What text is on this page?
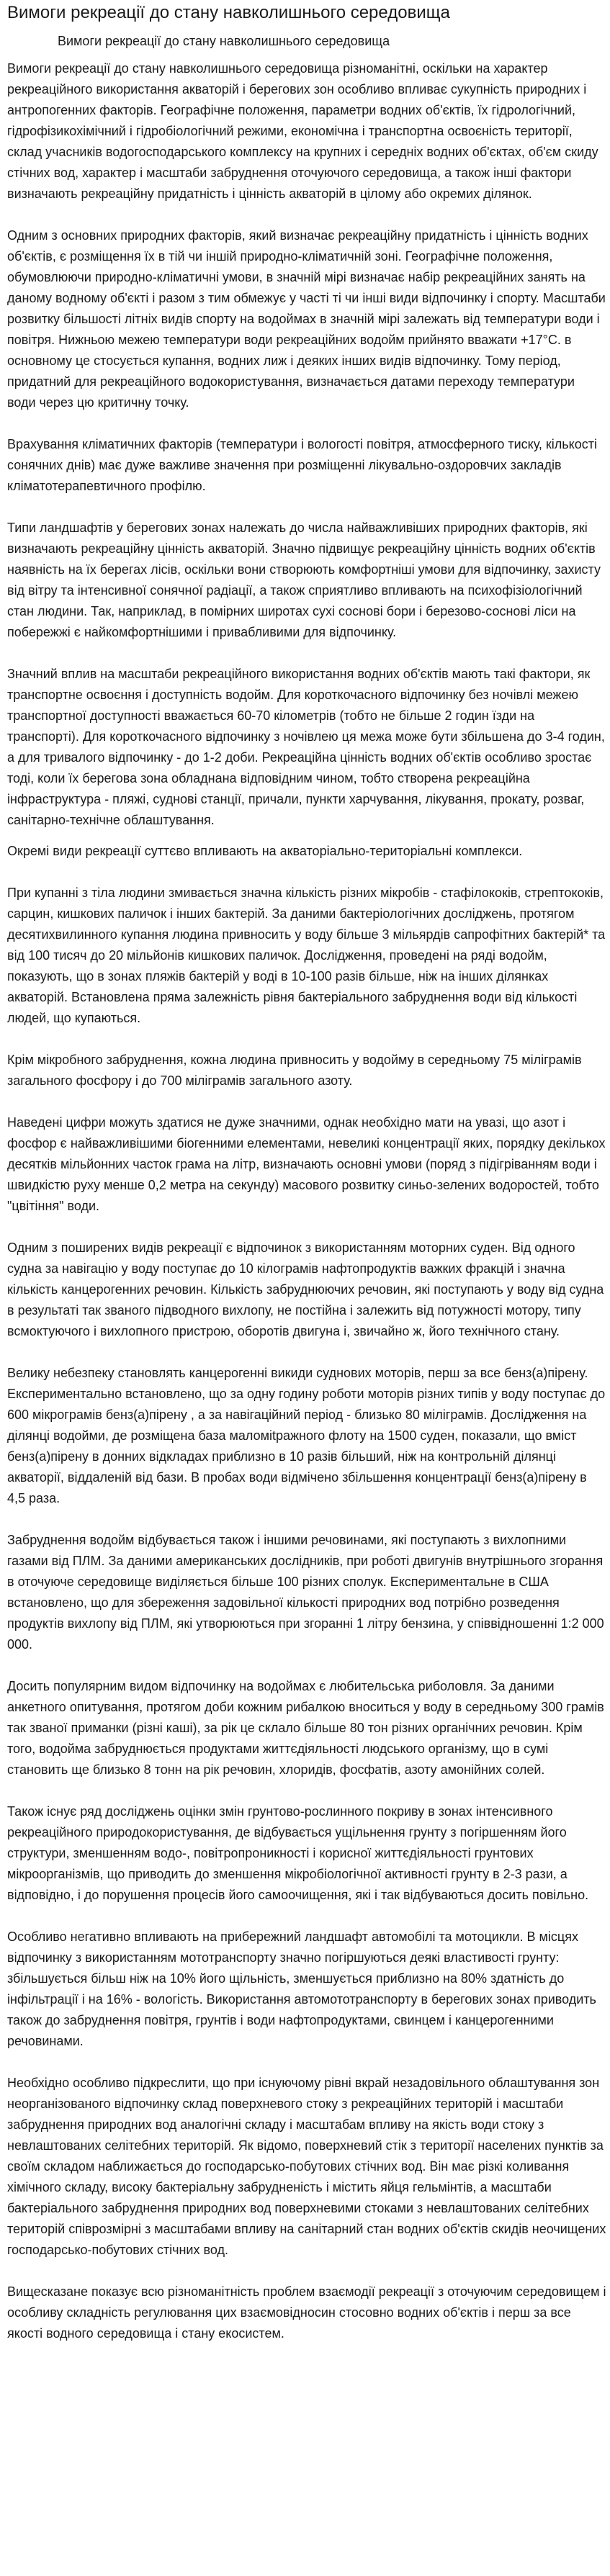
Вимоги рекреації до стану навколишнього середовища
Вимоги рекреації до стану навколишнього середовища

Вимоги рекреації до стану навколишнього середовища різноманітні, оскільки на характер рекреаційного використання акваторій і берегових зон особливо впливає сукупність природних і антропогенних факторів. Географічне положення, параметри водних об'єктів, їх гідрологічний, гідрофізикохімічний і гідробіологічний режими, економічна і транспортна освоєність території, склад учасників водогосподарського комплексу на крупних і середніх водних об'єктах, об'єм скиду стічних вод, характер і масштаби забруднення оточуючого середовища, а також інші фактори визначають рекреаційну придатність і цінність акваторій в цілому або окремих ділянок.

Одним з основних природних факторів, який визначає рекреаційну придатність і цінність водних об'єктів, є розміщення їх в тій чи іншій природно-кліматичній зоні. Географічне положення, обумовлюючи природно-кліматичні умови, в значній мірі визначає набір рекреаційних занять на даному водному об'єкті і разом з тим обмежує у часті ті чи інші види відпочинку і спорту. Масштаби розвитку більшості літніх видів спорту на водоймах в значній мірі залежать від температури води і повітря. Нижньою межею температури води рекреаційних водойм прийнято вважати +17°С. в основному це стосується купання, водних лиж і деяких інших видів відпочинку. Тому період, придатний для рекреаційного водокористування, визначається датами переходу температури води через цю критичну точку.

Врахування кліматичних факторів (температури і вологості повітря, атмосферного тиску, кількості сонячних днів) має дуже важливе значення при розміщенні лікувально-оздоровчих закладів кліматотерапевтичного профілю.

Типи ландшафтів у берегових зонах належать до числа найважливіших природних факторів, які визначають рекреаційну цінність акваторій. Значно підвищує рекреаційну цінність водних об'єктів наявність на їх берегах лісів, оскільки вони створюють комфортніші умови для відпочинку, захисту від вітру та інтенсивної сонячної радіації, а також сприятливо впливають на психофізіологічний стан людини. Так, наприклад, в помірних широтах сухі соснові бори і березово-соснові ліси на побережжі є найкомфортнішими і привабливими для відпочинку.

Значний вплив на масштаби рекреаційного використання водних об'єктів мають такі фактори, як транспортне освоєння і доступність водойм. Для короткочасного відпочинку без ночівлі межею транспортної доступності вважається 60-70 кілометрів (тобто не більше 2 годин їзди на транспорті). Для короткочасного відпочинку з ночівлею ця межа може бути збільшена до 3-4 годин, а для тривалого відпочинку - до 1-2 доби. Рекреаційна цінність водних об'єктів особливо зростає тоді, коли їх берегова зона обладнана відповідним чином, тобто створена рекреаційна інфраструктура - пляжі, суднові станції, причали, пункти харчування, лікування, прокату, розваг, санітарно-технічне облаштування.

Окремі види рекреації суттєво впливають на акваторіально-територіальні комплекси.

При купанні з тіла людини змивається значна кількість різних мікробів - стафілококів, стрептококів, сарцин, кишкових паличок і інших бактерій. За даними бактеріологічних досліджень, протягом десятихвилинного купання людина привносить у воду більше 3 мільярдів сапрофітних бактерій* та від 100 тисяч до 20 мільйонів кишкових паличок. Дослідження, проведені на ряді водойм, показують, що в зонах пляжів бактерій у воді в 10-100 разів більше, ніж на інших ділянках акваторій. Встановлена пряма залежність рівня бактеріального забруднення води від кількості людей, що купаються.

Крім мікробного забруднення, кожна людина привносить у водойму в середньому 75 міліграмів загального фосфору і до 700 міліграмів загального азоту.

Наведені цифри можуть здатися не дуже значними, однак необхідно мати на увазі, що азот і фосфор є найважливішими біогенними елементами, невеликі концентрації яких, порядку декількох десятків мільйонних часток грама на літр, визначають основні умови (поряд з підігріванням води і швидкістю руху менше 0,2 метра на секунду) масового розвитку синьо-зелених водоростей, тобто "цвітіння" води.

Одним з поширених видів рекреації є відпочинок з використанням моторних суден. Від одного судна за навігацію у воду поступає до 10 кілограмів нафтопродуктів важких фракцій і значна кількість канцерогенних речовин. Кількість забруднюючих речовин, які поступають у воду від судна в результаті так званого підводного вихлопу, не постійна і залежить від потужності мотору, типу всмоктуючого і вихлопного пристрою, оборотів двигуна і, звичайно ж, його технічного стану.

Велику небезпеку становлять канцерогенні викиди суднових моторів, перш за все бенз(а)пірену. Експериментально встановлено, що за одну годину роботи моторів різних типів у воду поступає до 600 мікрограмів бенз(а)пірену , а за навігаційний період - близько 80 міліграмів. Дослідження на ділянці водойми, де розміщена база маломіtражного флоту на 1500 суден, показали, що вміст бенз(а)пірену в донних відкладах приблизно в 10 разів більший, ніж на контрольній ділянці акваторії, віддаленій від бази. В пробах води відмічено збільшення концентрації бенз(а)пірену в 4,5 раза.

Забруднення водойм відбувається також і іншими речовинами, які поступають з вихлопними газами від ПЛМ. За даними американських дослідників, при роботі двигунів внутрішнього згорання в оточуюче середовище виділяється більше 100 різних сполук. Експериментальне в США встановлено, що для збереження задовільної кількості природних вод потрібно розведення продуктів вихлопу від ПЛМ, які утворюються при згоранні 1 літру бензина, у співвідношенні 1:2 000 000.

Досить популярним видом відпочинку на водоймах є любительська риболовля. За даними анкетного опитування, протягом доби кожним рибалкою вноситься у воду в середньому 300 грамів так званої приманки (різні каші), за рік це склало більше 80 тон різних органічних речовин. Крім того, водойма забруднюється продуктами життєдіяльності людського організму, що в сумі становить ще близько 8 тонн на рік речовин, хлоридів, фосфатів, азоту амонійних солей.

Також існує ряд досліджень оцінки змін грунтово-рослинного покриву в зонах інтенсивного рекреаційного природокористування, де відбувається ущільнення грунту з погіршенням його структури, зменшенням водо-, повітропроникності і корисної життєдіяльності грунтових мікроорганізмів, що приводить до зменшення мікробіологічної активності грунту в 2-3 рази, а відповідно, і до порушення процесів його самоочищення, які і так відбуваються досить повільно.

Особливо негативно впливають на прибережний ландшафт автомобілі та мотоцикли. В місцях відпочинку з використанням мототранспорту значно погіршуються деякі властивості грунту: збільшується більш ніж на 10% його щільність, зменшується приблизно на 80% здатність до інфільтрації і на 16% - вологість. Використання автомототранспорту в берегових зонах приводить також до забруднення повітря, грунтів і води нафтопродуктами, свинцем і канцерогенними речовинами.

Необхідно особливо підкреслити, що при існуючому рівні вкрай незадовільного облаштування зон неорганізованого відпочинку склад поверхневого стоку з рекреаційних територій і масштаби забруднення природних вод аналогічні складу і масштабам впливу на якість води стоку з невлаштованих селітебних територій. Як відомо, поверхневий стік з території населених пунктів за своїм складом наближається до господарсько-побутових стічних вод. Він має різкі коливання хімічного складу, високу бактеріальну забрудненість і містить яйця гельмінтів, а масштаби бактеріального забруднення природних вод поверхневими стоками з невлаштованих селітебних територій співрозмірні з масштабами впливу на санітарний стан водних об'єктів скидів неочищених господарсько-побутових стічних вод.

Вищесказане показує всю різноманітність проблем взаємодії рекреації з оточуючим середовищем і особливу складність регулювання цих взаємовідносин стосовно водних об'єктів і перш за все якості водного середовища і стану екосистем.
